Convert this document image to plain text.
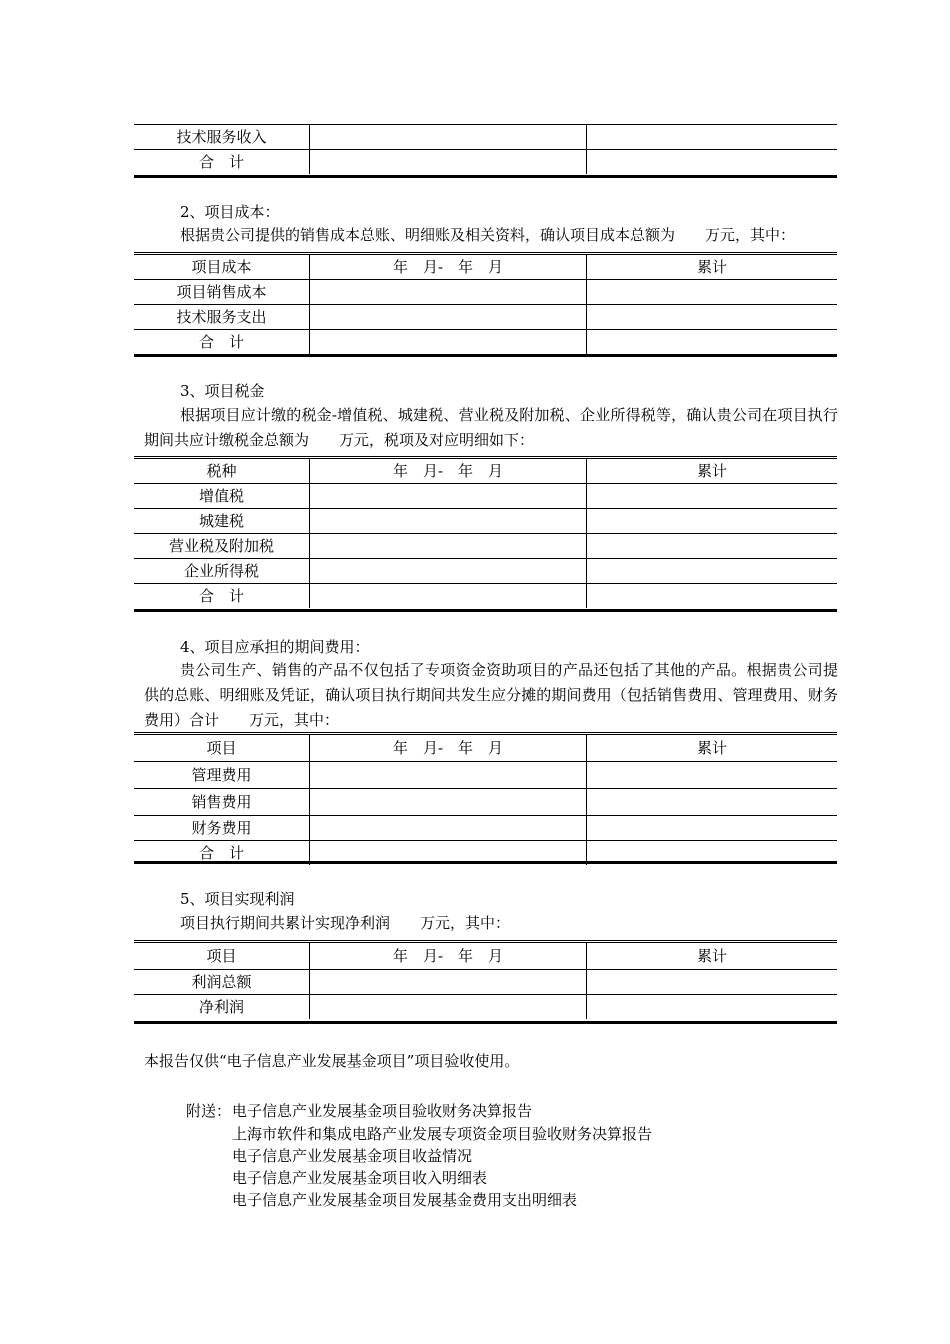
技术服务收入		
合　计		
2、项目成本：
根据贵公司提供的销售成本总账、明细账及相关资料，确认项目成本总额为　　万元，其中：
项目成本	年　月-　年　月	累计
项目销售成本		
技术服务支出		
合　计		
3、项目税金
根据项目应计缴的税金-增值税、城建税、营业税及附加税、企业所得税等，确认贵公司在项目执行期间共应计缴税金总额为　　万元，税项及对应明细如下：
税种	年　月-　年　月	累计
增值税		
城建税		
营业税及附加税		
企业所得税		
合　计		
4、项目应承担的期间费用：
贵公司生产、销售的产品不仅包括了专项资金资助项目的产品还包括了其他的产品。根据贵公司提供的总账、明细账及凭证，确认项目执行期间共发生应分摊的期间费用（包括销售费用、管理费用、财务费用）合计　　万元，其中：
项目	年　月-　年　月	累计
管理费用		
销售费用		
财务费用		
合　计		
5、项目实现利润
项目执行期间共累计实现净利润　　万元，其中：
项目	年　月-　年　月	累计
利润总额		
净利润		
本报告仅供“电子信息产业发展基金项目”项目验收使用。
附送： 电子信息产业发展基金项目验收财务决算报告
上海市软件和集成电路产业发展专项资金项目验收财务决算报告
电子信息产业发展基金项目收益情况
电子信息产业发展基金项目收入明细表
电子信息产业发展基金项目发展基金费用支出明细表
